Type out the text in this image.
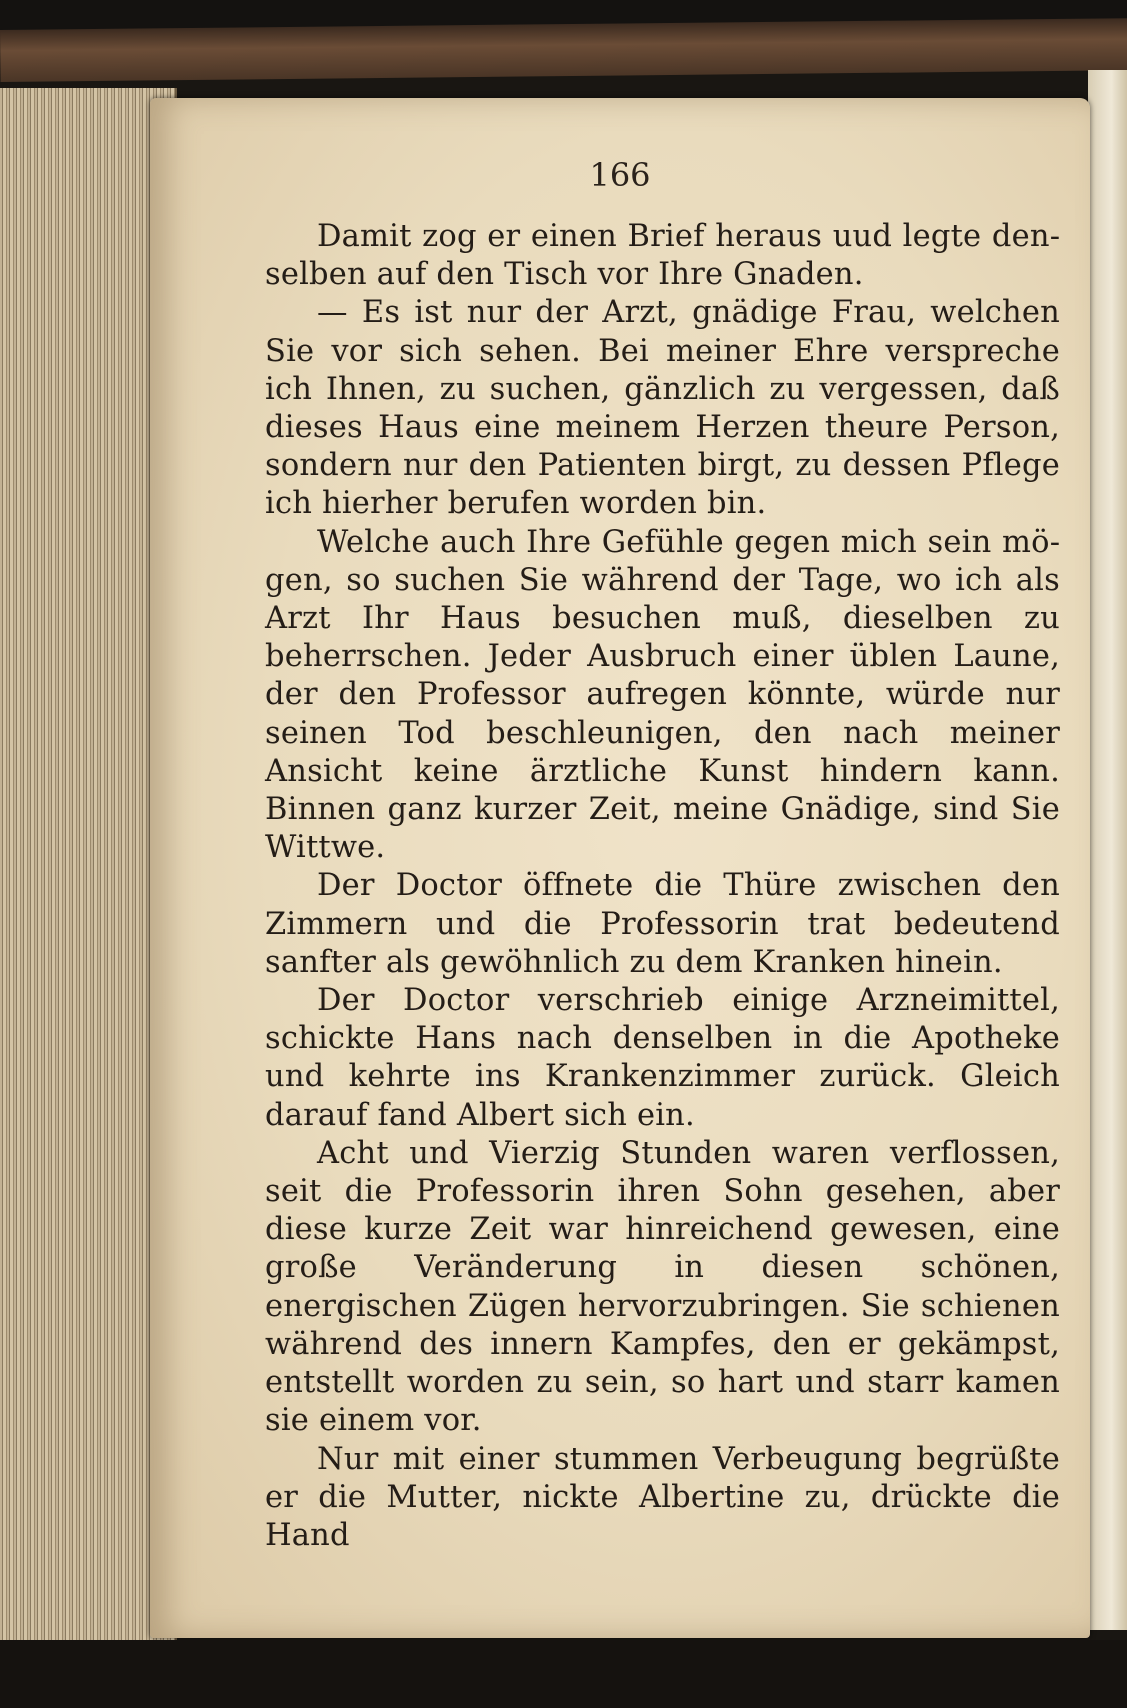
166

Damit zog er einen Brief heraus uud legte denselben auf den Tisch vor Ihre Gnaden.

— Es ist nur der Arzt, gnädige Frau, welchen Sie vor sich sehen. Bei meiner Ehre verspreche ich Ihnen, zu suchen, gänzlich zu vergessen, daß dieses Haus eine meinem Herzen theure Person, sondern nur den Patienten birgt, zu dessen Pflege ich hierher berufen worden bin.

Welche auch Ihre Gefühle gegen mich sein mögen, so suchen Sie während der Tage, wo ich als Arzt Ihr Haus besuchen muß, dieselben zu beherrschen. Jeder Ausbruch einer üblen Laune, der den Professor aufregen könnte, würde nur seinen Tod beschleunigen, den nach meiner Ansicht keine ärztliche Kunst hindern kann. Binnen ganz kurzer Zeit, meine Gnädige, sind Sie Wittwe.

Der Doctor öffnete die Thüre zwischen den Zimmern und die Professorin trat bedeutend sanfter als gewöhnlich zu dem Kranken hinein.

Der Doctor verschrieb einige Arzneimittel, schickte Hans nach denselben in die Apotheke und kehrte ins Krankenzimmer zurück. Gleich darauf fand Albert sich ein.

Acht und Vierzig Stunden waren verflossen, seit die Professorin ihren Sohn gesehen, aber diese kurze Zeit war hinreichend gewesen, eine große Veränderung in diesen schönen, energischen Zügen hervorzubringen. Sie schienen während des innern Kampfes, den er gekämpst, entstellt worden zu sein, so hart und starr kamen sie einem vor.

Nur mit einer stummen Verbeugung begrüßte er die Mutter, nickte Albertine zu, drückte die Hand
